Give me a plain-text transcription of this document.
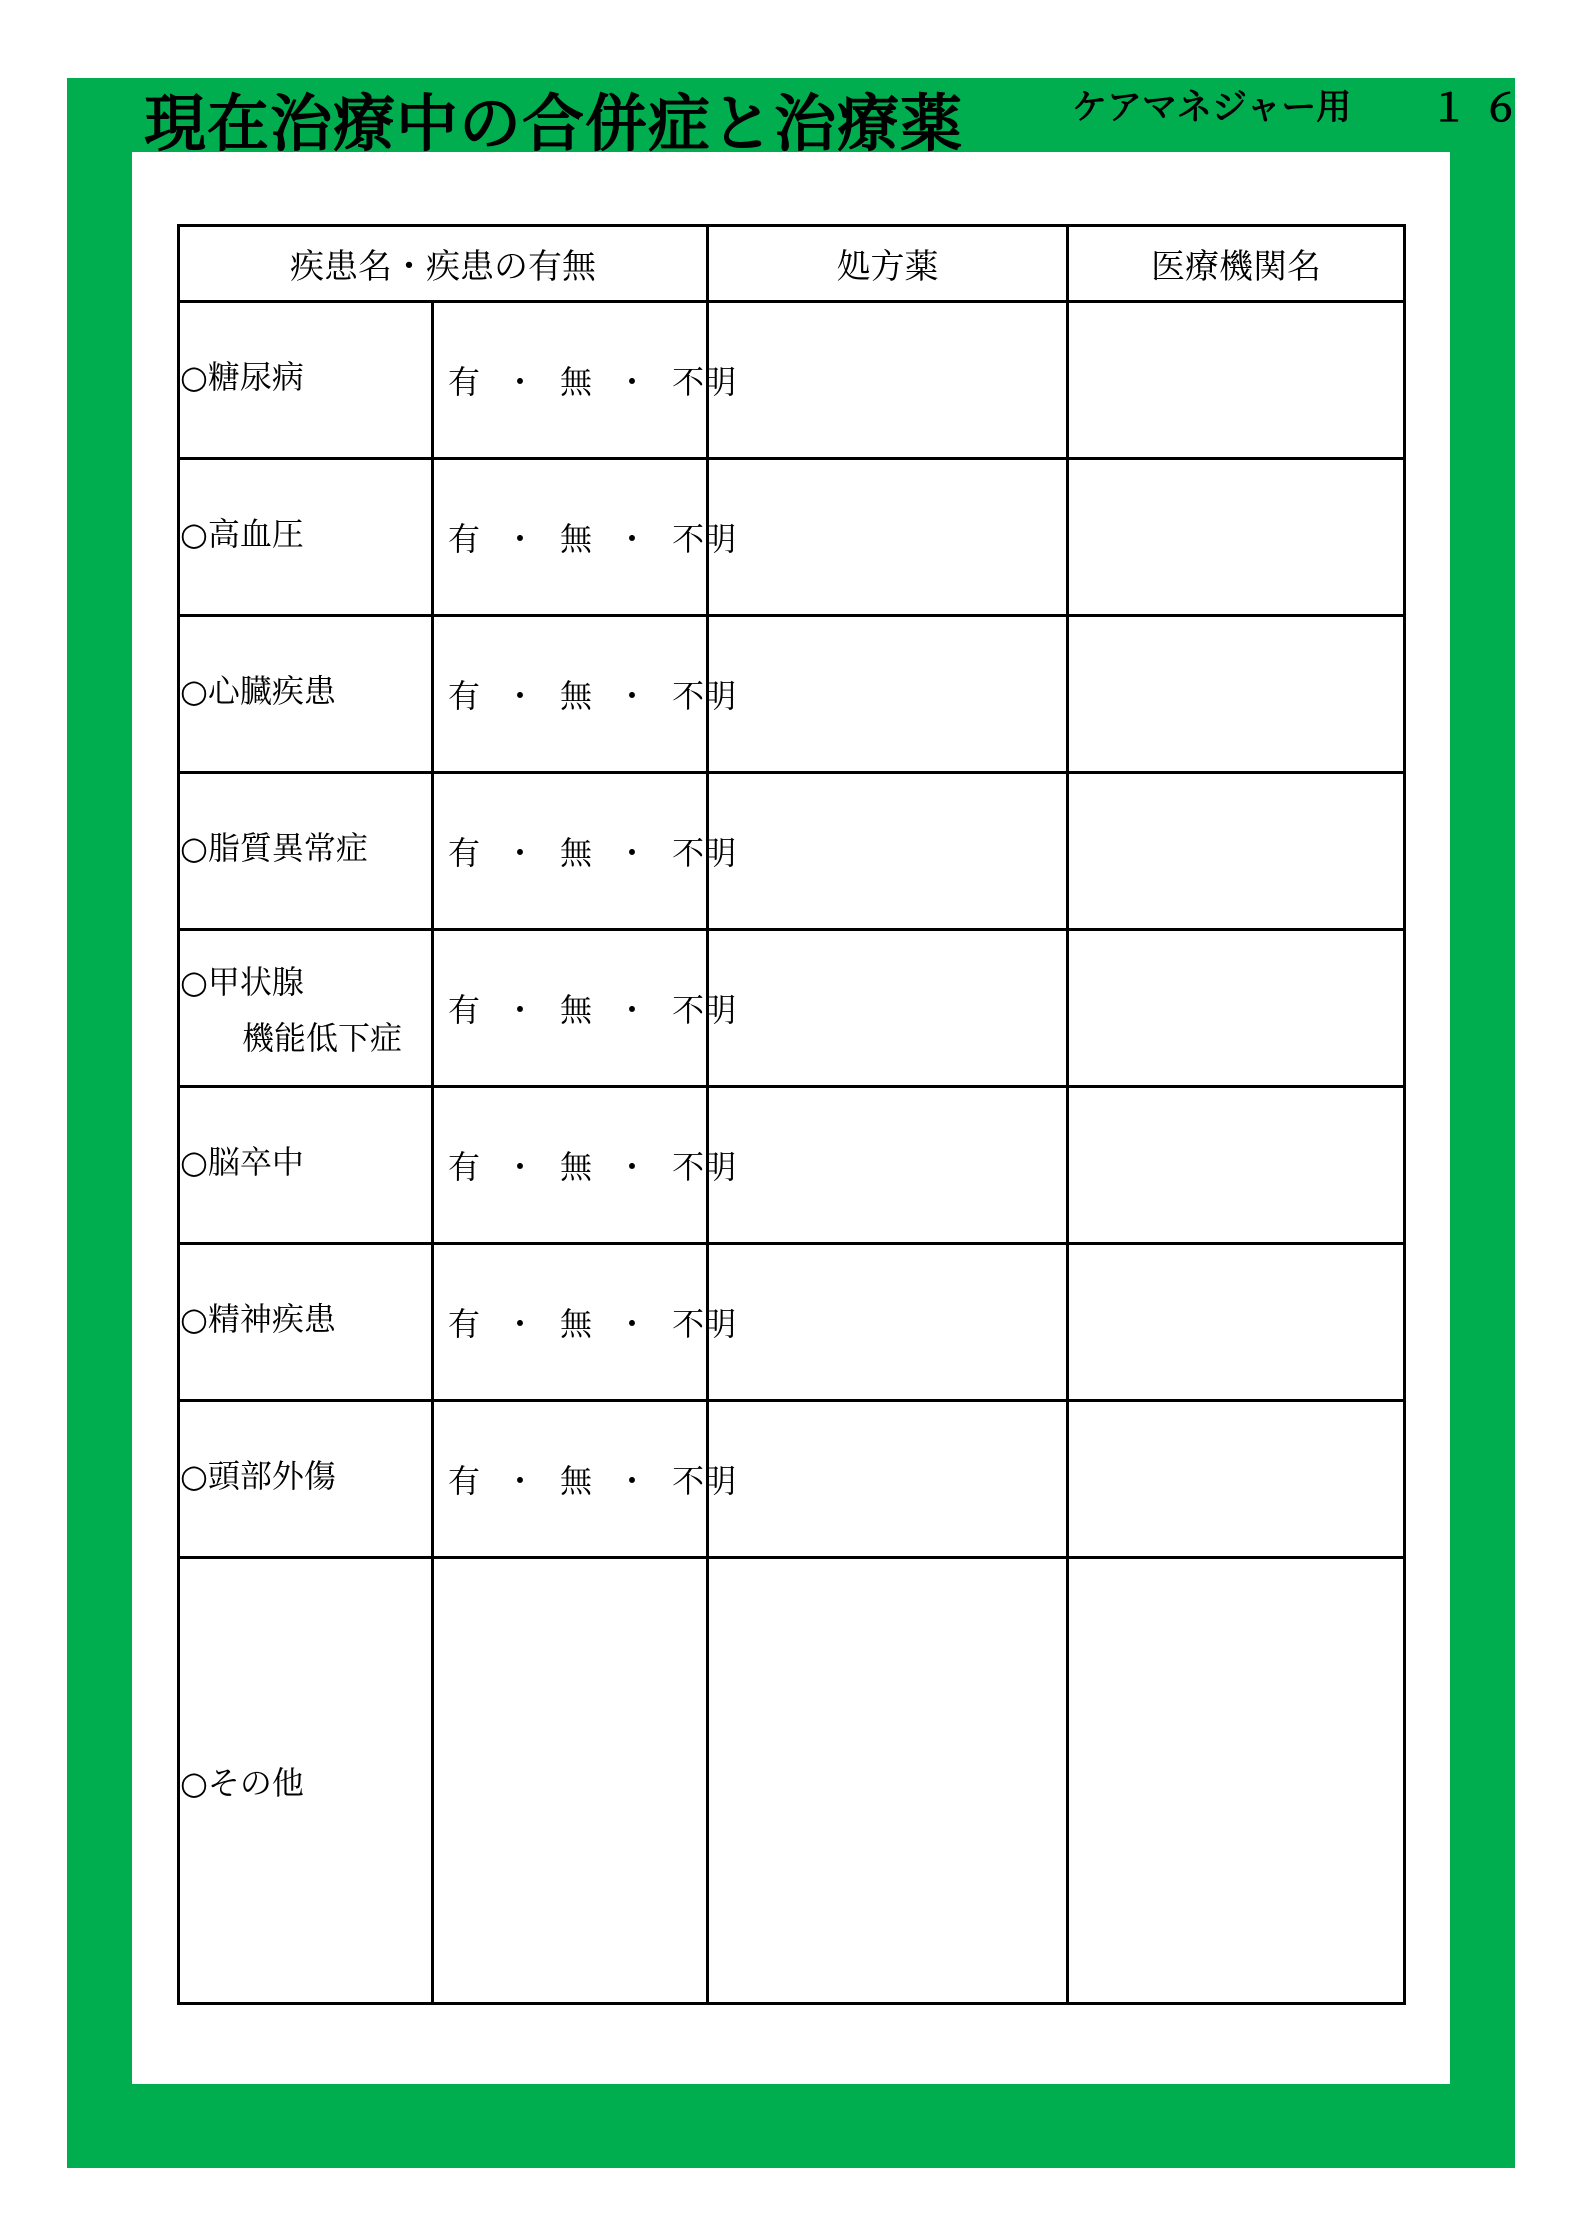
現在治療中の合併症と治療薬	ケアマネジャー用 １６
疾患名・疾患の有無		処方薬	医療機関名

○糖尿病	有 ・ 無 ・ 不明		

○高血圧	有 ・ 無 ・ 不明		

○心臓疾患	有 ・ 無 ・ 不明		

○脂質異常症	有 ・ 無 ・ 不明		

○甲状腺
機能低下症	有 ・ 無 ・ 不明		

○脳卒中	有 ・ 無 ・ 不明		

○精神疾患	有 ・ 無 ・ 不明		

○頭部外傷	有 ・ 無 ・ 不明		

○その他			
